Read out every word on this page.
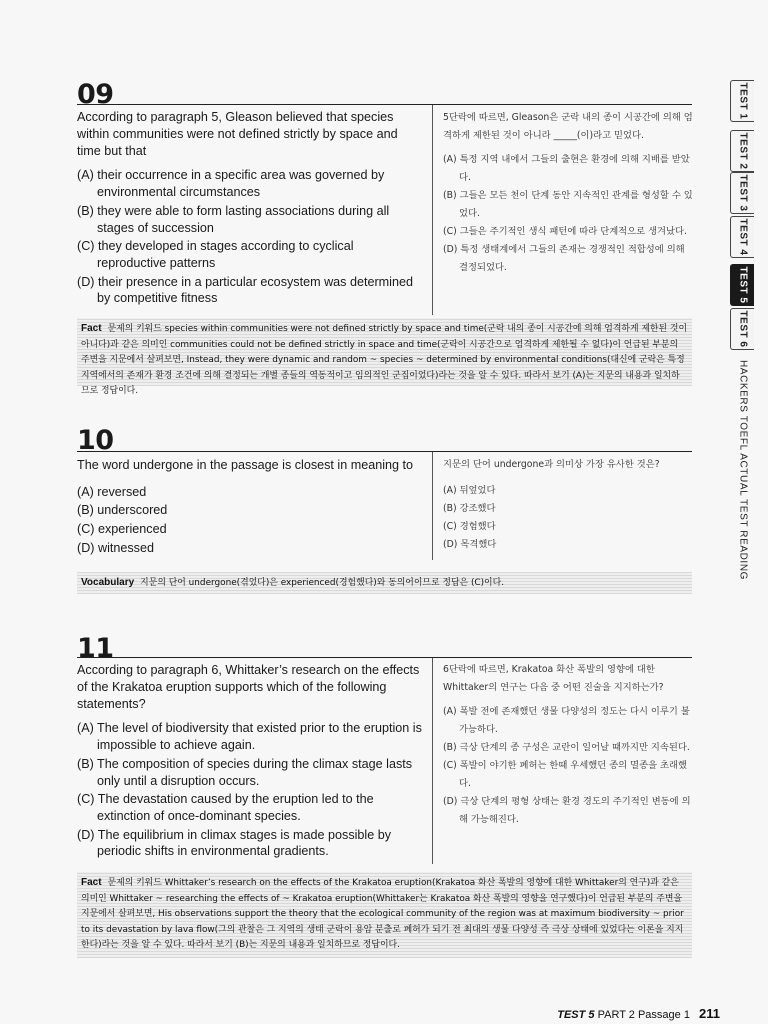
TEST 1
TEST 2
TEST 3
TEST 4
TEST 5
TEST 6
HACKERS TOEFL ACTUAL TEST READING
09

According to paragraph 5, Gleason believed that species within communities were not defined strictly by space and time but that

(A) their occurrence in a specific area was governed by environmental circumstances

(B) they were able to form lasting associations during all stages of succession

(C) they developed in stages according to cyclical reproductive patterns

(D) their presence in a particular ecosystem was determined by competitive fitness

5단락에 따르면, Gleason은 군락 내의 종이 시공간에 의해 엄격하게 제한된 것이 아니라 _____(이)라고 믿었다.

(A) 특정 지역 내에서 그들의 출현은 환경에 의해 지배를 받았다.

(B) 그들은 모든 천이 단계 동안 지속적인 관계를 형성할 수 있었다.

(C) 그들은 주기적인 생식 패턴에 따라 단계적으로 생겨났다.

(D) 특정 생태계에서 그들의 존재는 경쟁적인 적합성에 의해 결정되었다.

Fact 문제의 키워드 species within communities were not defined strictly by space and time(군락 내의 종이 시공간에 의해 엄격하게 제한된 것이 아니다)과 같은 의미인 communities could not be defined strictly in space and time(군락이 시공간으로 엄격하게 제한될 수 없다)이 언급된 부분의 주변을 지문에서 살펴보면, Instead, they were dynamic and random ~ species ~ determined by environmental conditions(대신에 군락은 특정 지역에서의 존재가 환경 조건에 의해 결정되는 개별 종들의 역동적이고 임의적인 군집이었다)라는 것을 알 수 있다. 따라서 보기 (A)는 지문의 내용과 일치하므로 정답이다.
10

The word undergone in the passage is closest in meaning to

(A) reversed

(B) underscored

(C) experienced

(D) witnessed

지문의 단어 undergone과 의미상 가장 유사한 것은?

(A) 뒤엎었다

(B) 강조했다

(C) 경험했다

(D) 목격했다

Vocabulary 지문의 단어 undergone(겪었다)은 experienced(경험했다)와 동의어이므로 정답은 (C)이다.
11

According to paragraph 6, Whittaker’s research on the effects of the Krakatoa eruption supports which of the following statements?

(A) The level of biodiversity that existed prior to the eruption is impossible to achieve again.

(B) The composition of species during the climax stage lasts only until a disruption occurs.

(C) The devastation caused by the eruption led to the extinction of once-dominant species.

(D) The equilibrium in climax stages is made possible by periodic shifts in environmental gradients.

6단락에 따르면, Krakatoa 화산 폭발의 영향에 대한 Whittaker의 연구는 다음 중 어떤 진술을 지지하는가?

(A) 폭발 전에 존재했던 생물 다양성의 정도는 다시 이루기 불가능하다.

(B) 극상 단계의 종 구성은 교란이 일어날 때까지만 지속된다.

(C) 폭발이 야기한 폐허는 한때 우세했던 종의 멸종을 초래했다.

(D) 극상 단계의 평형 상태는 환경 경도의 주기적인 변동에 의해 가능해진다.

Fact 문제의 키워드 Whittaker’s research on the effects of the Krakatoa eruption(Krakatoa 화산 폭발의 영향에 대한 Whittaker의 연구)과 같은 의미인 Whittaker ~ researching the effects of ~ Krakatoa eruption(Whittaker는 Krakatoa 화산 폭발의 영향을 연구했다)이 언급된 부분의 주변을 지문에서 살펴보면, His observations support the theory that the ecological community of the region was at maximum biodiversity ~ prior to its devastation by lava flow(그의 관찰은 그 지역의 생태 군락이 용암 분출로 폐허가 되기 전 최대의 생물 다양성 즉 극상 상태에 있었다는 이론을 지지한다)라는 것을 알 수 있다. 따라서 보기 (B)는 지문의 내용과 일치하므로 정답이다.
TEST 5 PART 2 Passage 1 211
